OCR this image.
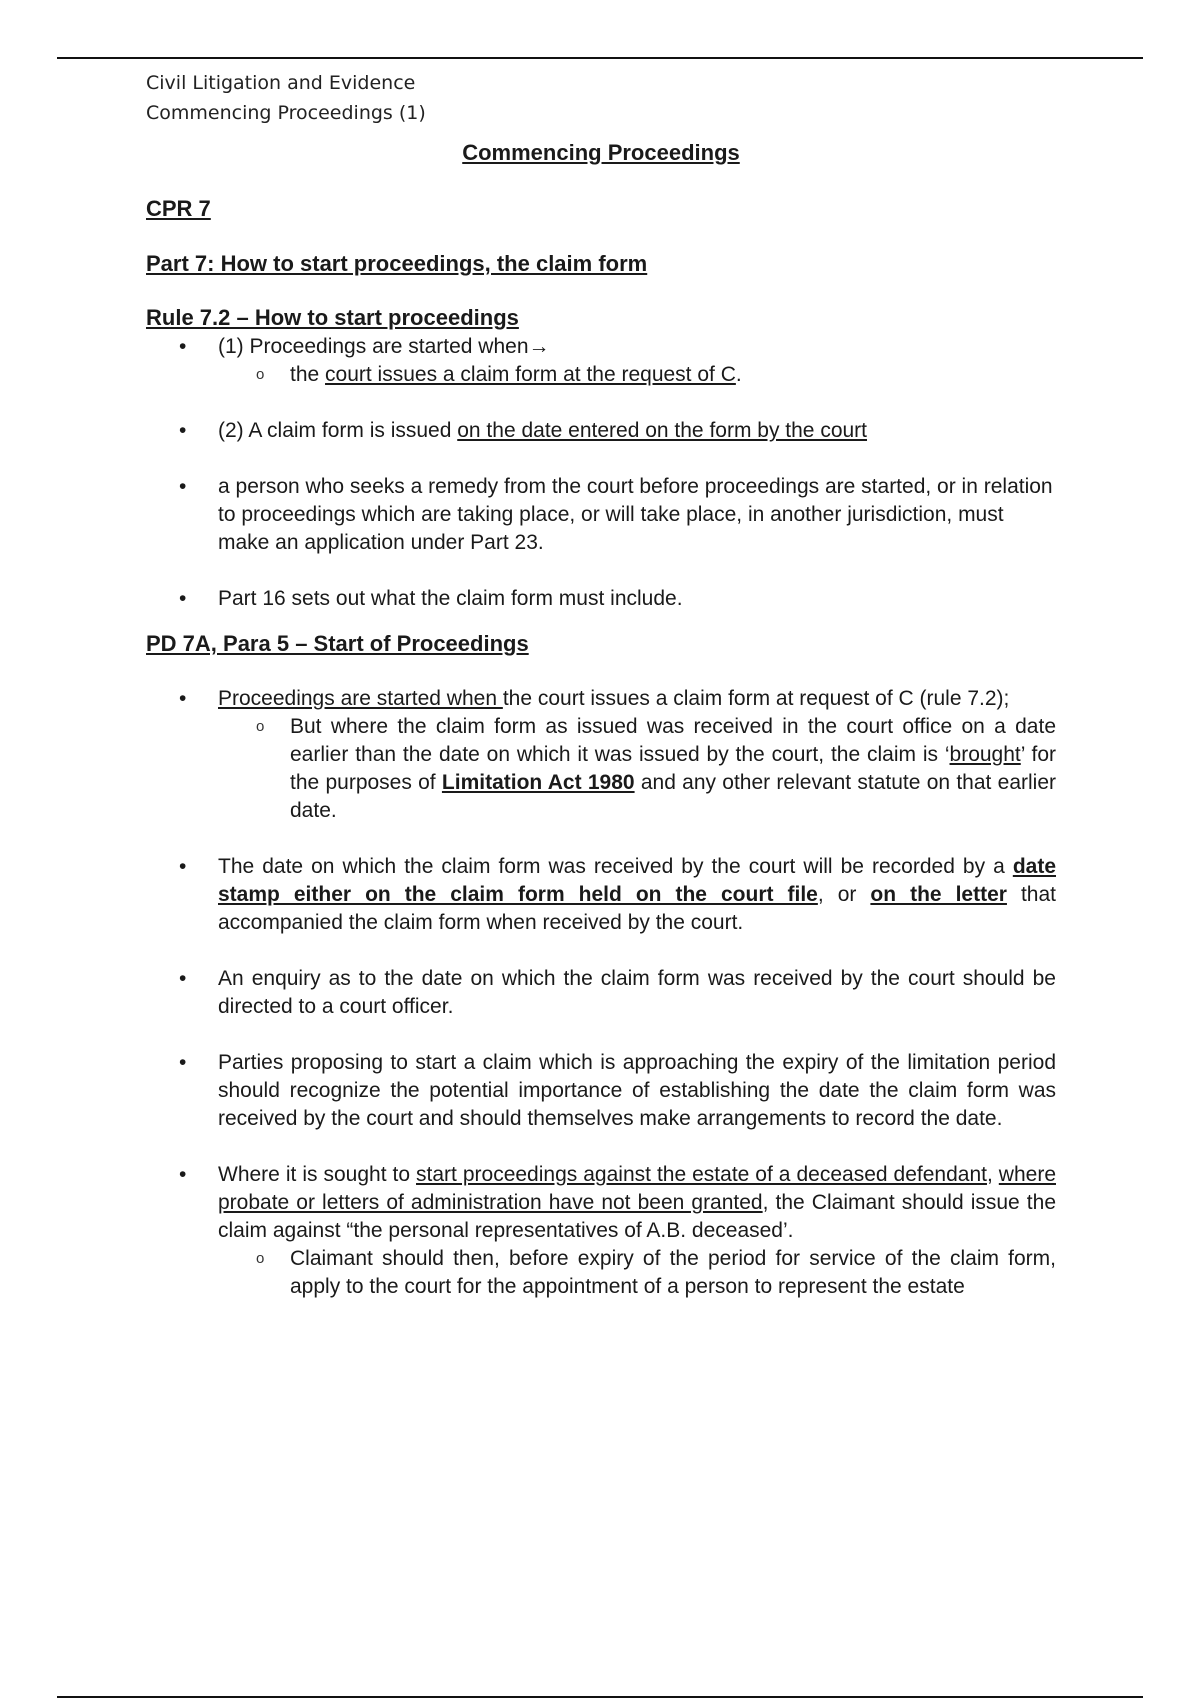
Civil Litigation and Evidence
Commencing Proceedings (1)
Commencing Proceedings
CPR 7
Part 7: How to start proceedings, the claim form
Rule 7.2 – How to start proceedings
• (1) Proceedings are started when→
o the court issues a claim form at the request of C.
• (2) A claim form is issued on the date entered on the form by the court
• a person who seeks a remedy from the court before proceedings are started, or in relation to proceedings which are taking place, or will take place, in another jurisdiction, must make an application under Part 23.
• Part 16 sets out what the claim form must include.
PD 7A, Para 5 – Start of Proceedings
• Proceedings are started when the court issues a claim form at request of C (rule 7.2);
o But where the claim form as issued was received in the court office on a date earlier than the date on which it was issued by the court, the claim is ‘brought’ for the purposes of Limitation Act 1980 and any other relevant statute on that earlier date.
• The date on which the claim form was received by the court will be recorded by a date stamp either on the claim form held on the court file, or on the letter that accompanied the claim form when received by the court.
• An enquiry as to the date on which the claim form was received by the court should be directed to a court officer.
• Parties proposing to start a claim which is approaching the expiry of the limitation period should recognize the potential importance of establishing the date the claim form was received by the court and should themselves make arrangements to record the date.
• Where it is sought to start proceedings against the estate of a deceased defendant, where probate or letters of administration have not been granted, the Claimant should issue the claim against “the personal representatives of A.B. deceased’.
o Claimant should then, before expiry of the period for service of the claim form, apply to the court for the appointment of a person to represent the estate
